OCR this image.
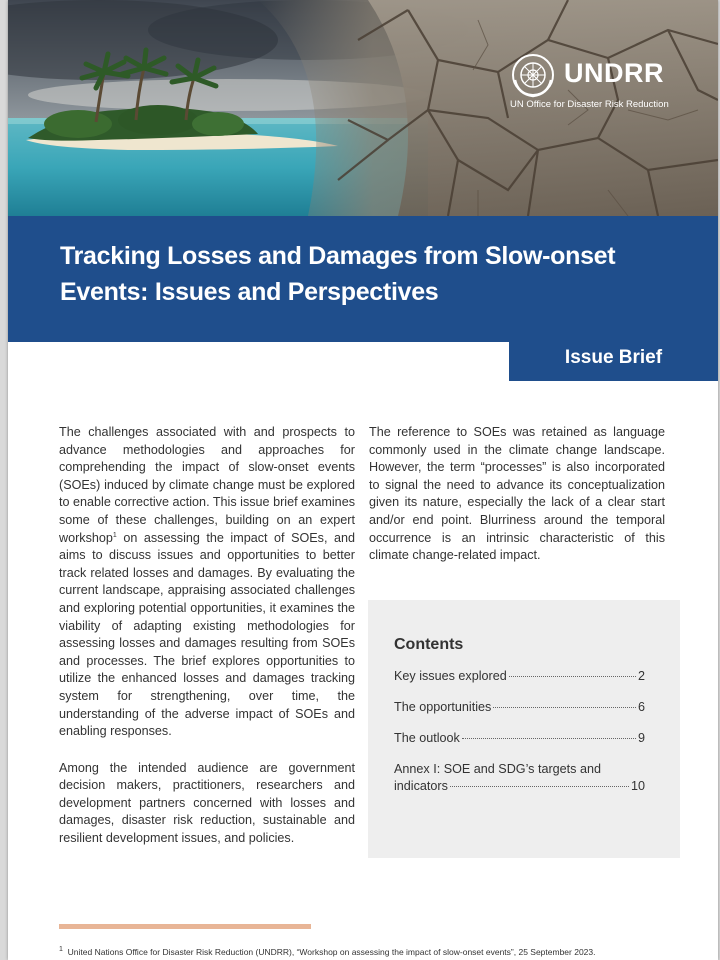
UNDRR
UN Office for Disaster Risk Reduction
Tracking Losses and Damages from Slow-onset Events: Issues and Perspectives
Issue Brief

The challenges associated with and prospects to advance methodologies and approaches for comprehending the impact of slow-onset events (SOEs) induced by climate change must be explored to enable corrective action. This issue brief examines some of these challenges, building on an expert workshop$^1$ on assessing the impact of SOEs, and aims to discuss issues and opportunities to better track related losses and damages. By evaluating the current landscape, appraising associated challenges and exploring potential opportunities, it examines the viability of adapting existing methodologies for assessing losses and damages resulting from SOEs and processes. The brief explores opportunities to utilize the enhanced losses and damages tracking system for strengthening, over time, the understanding of the adverse impact of SOEs and enabling responses.

Among the intended audience are government decision makers, practitioners, researchers and development partners concerned with losses and damages, disaster risk reduction, sustainable and resilient development issues, and policies.

The reference to SOEs was retained as language commonly used in the climate change landscape. However, the term “processes” is also incorporated to signal the need to advance its conceptualization given its nature, especially the lack of a clear start and/or end point. Blurriness around the temporal occurrence is an intrinsic characteristic of this climate change-related impact.

Contents
Key issues explored	2
The opportunities	6
The outlook	9
Annex I: SOE and SDG’s targets and
indicators	10
$^1$ United Nations Office for Disaster Risk Reduction (UNDRR), “Workshop on assessing the impact of slow-onset events”, 25 September 2023.
